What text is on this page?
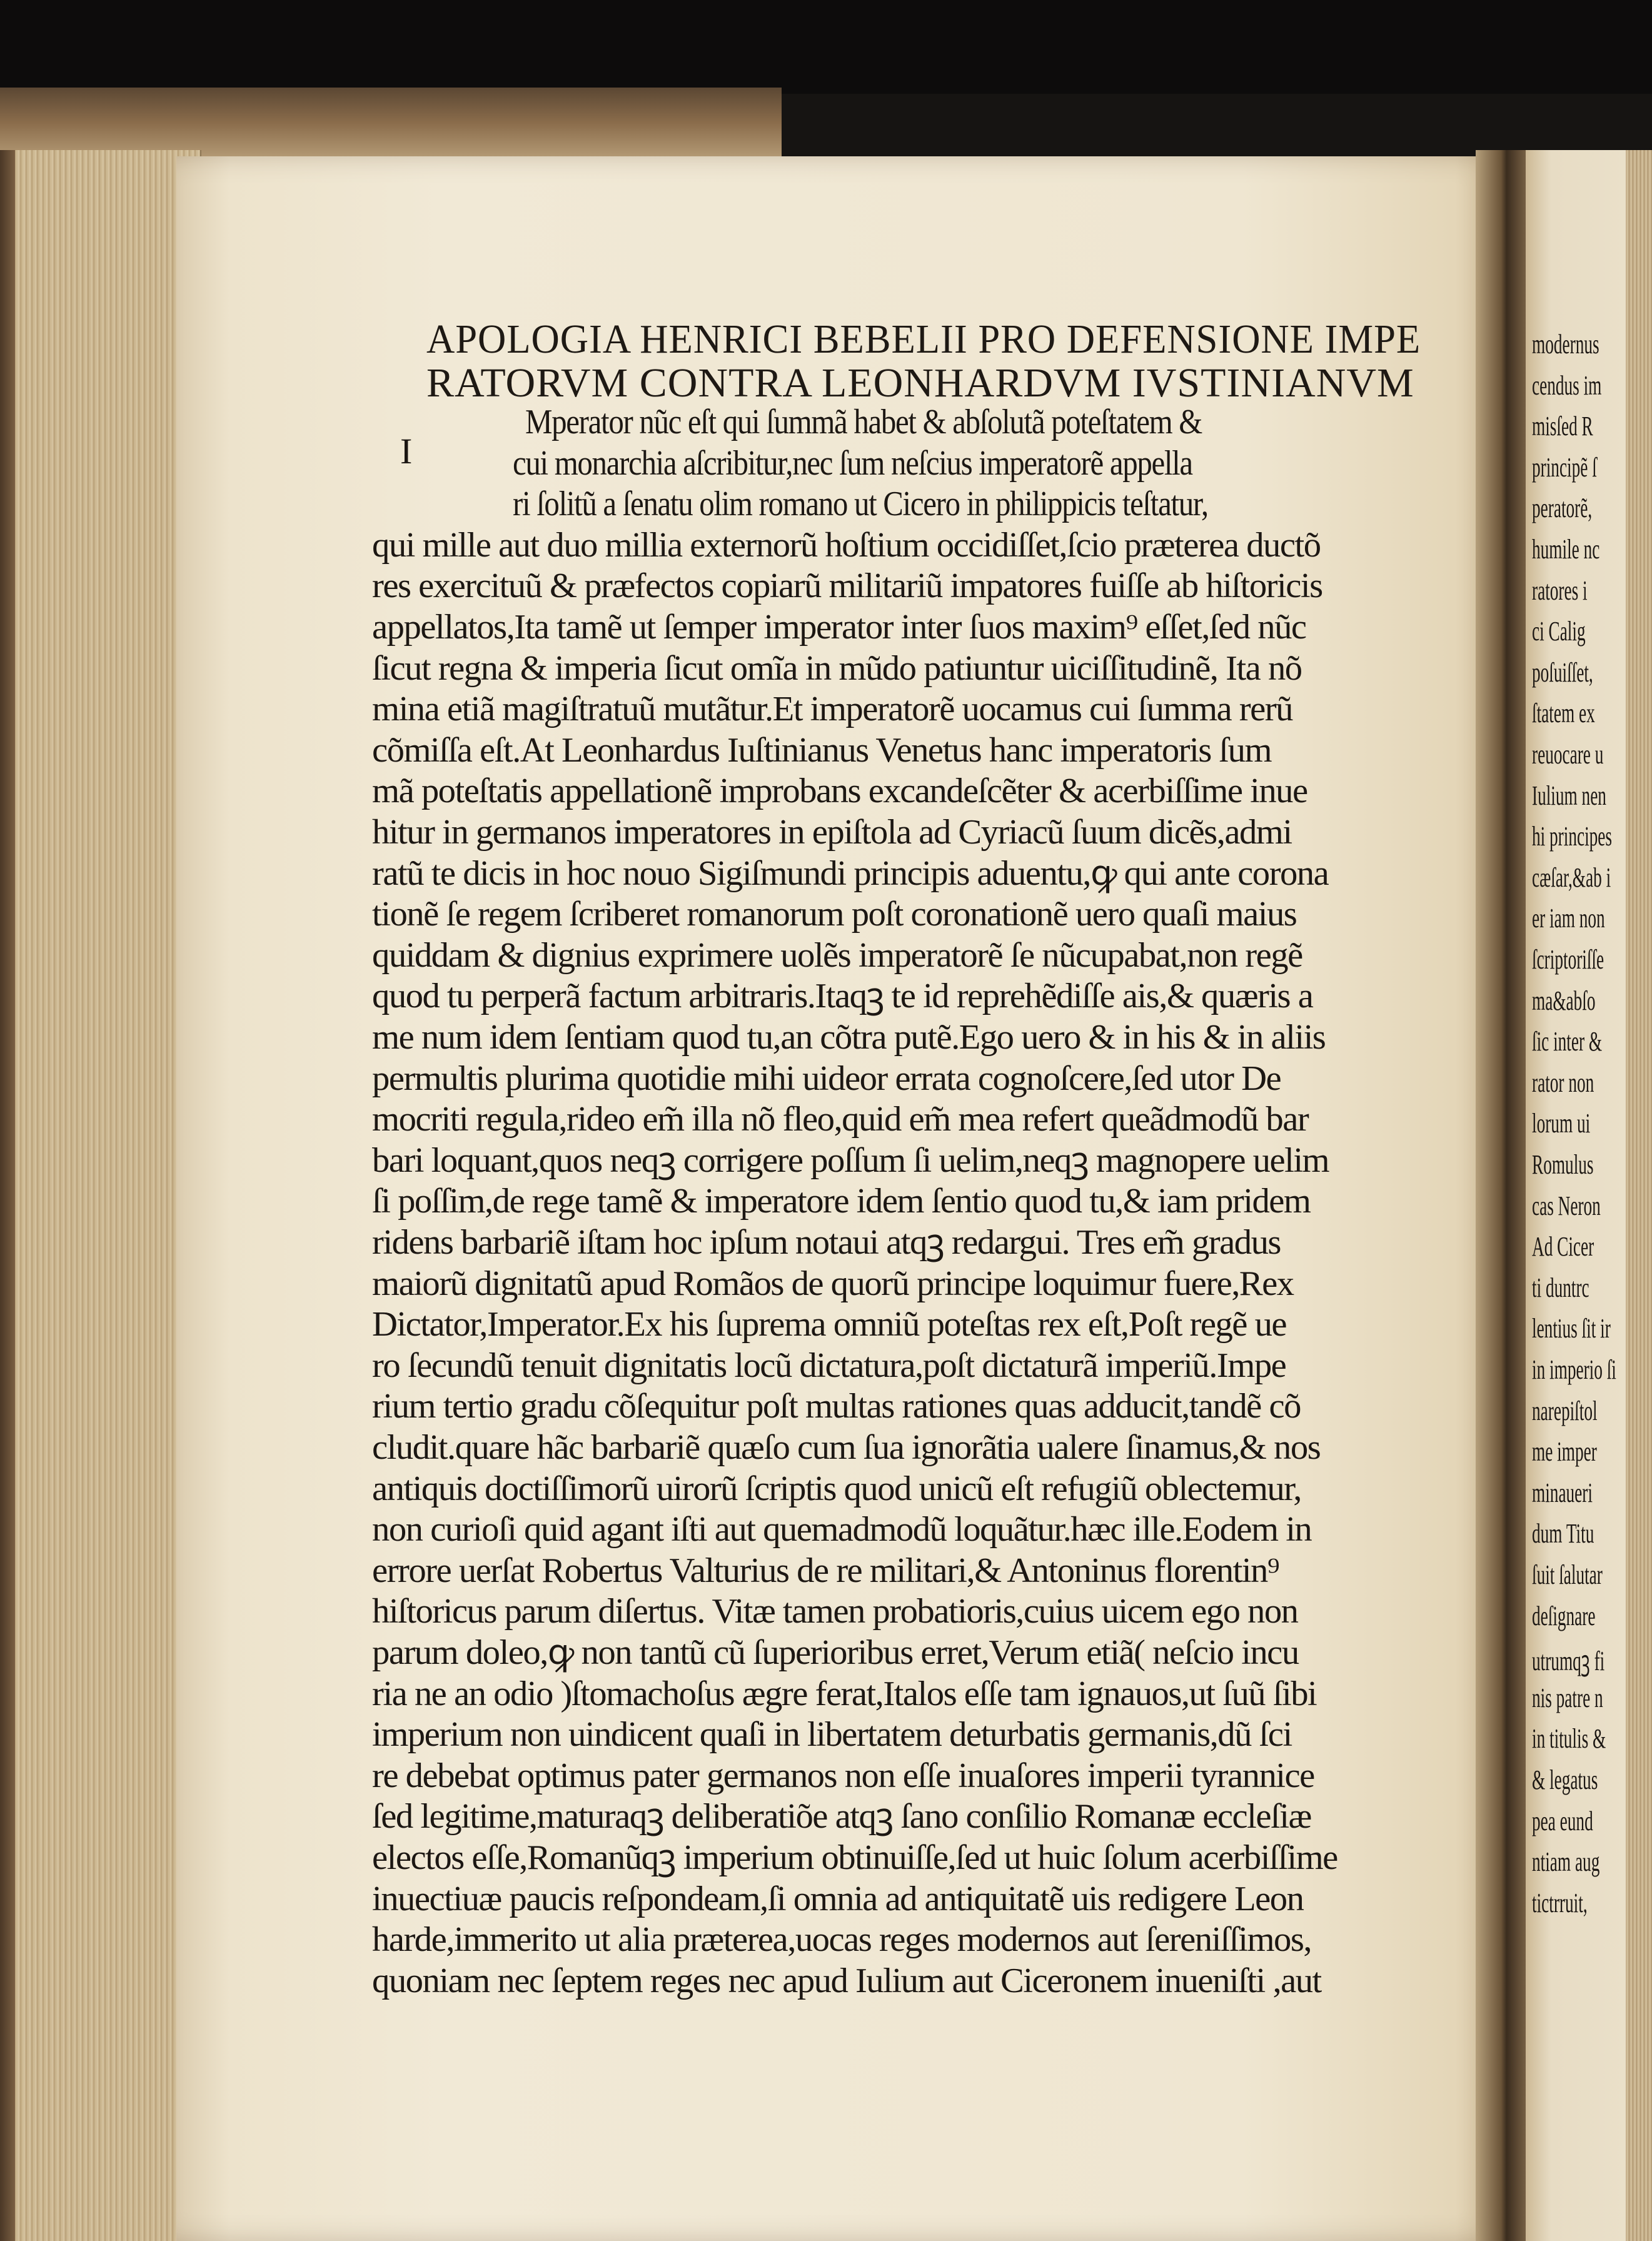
modernus
cendus im
misſed R
principẽ ſ
peratorẽ,
humile nc
ratores i
ci Calig
poſuiſſet,
ſtatem ex
reuocare u
Iulium nen
hi principes
cæſar,&ab i
er iam non
ſcriptoriſſe
ma&abſo
ſic inter &
rator non
lorum ui
Romulus
cas Neron
Ad Cicer
ti duntrc
lentius ſit ir
in imperio ſi
narepiſtol
me imper
minaueri
dum Titu
ſuit ſalutar
deſignare
utrumqꝫ fi
nis patre n
in titulis &
& legatus
pea eund
ntiam aug
tictrruit,
APOLOGIA HENRICI BEBELII PRO DEFENSIONE IMPE
RATORVM CONTRA LEONHARDVM IVSTINIANVM
I
Mperator nũc eſt qui ſummã habet & abſolutã poteſtatem &
cui monarchia aſcribitur,nec ſum neſcius imperatorẽ appella
ri ſolitũ a ſenatu olim romano ut Cicero in philippicis teſtatur,
qui mille aut duo millia externorũ hoſtium occidiſſet,ſcio præterea ductõ
res exercituũ & præfectos copiarũ militariũ impatores fuiſſe ab hiſtoricis
appellatos,Ita tamẽ ut ſemper imperator inter ſuos maxim⁹ eſſet,ſed nũc
ſicut regna & imperia ſicut omĩa in mũdo patiuntur uiciſſitudinẽ, Ita nõ
mina etiã magiſtratuũ mutãtur.Et imperatorẽ uocamus cui ſumma rerũ
cõmiſſa eſt.At Leonhardus Iuſtinianus Venetus hanc imperatoris ſum
mã poteſtatis appellationẽ improbans excandeſcẽter & acerbiſſime inue
hitur in germanos imperatores in epiſtola ad Cyriacũ ſuum dicẽs,admi
ratũ te dicis in hoc nouo Sigiſmundi principis aduentu,ꝙ qui ante corona
tionẽ ſe regem ſcriberet romanorum poſt coronationẽ uero quaſi maius
quiddam & dignius exprimere uolẽs imperatorẽ ſe nũcupabat,non regẽ
quod tu perperã factum arbitraris.Itaqꝫ te id reprehẽdiſſe ais,& quæris a
me num idem ſentiam quod tu,an cõtra putẽ.Ego uero & in his & in aliis
permultis plurima quotidie mihi uideor errata cognoſcere,ſed utor De
mocriti regula,rideo em̃ illa nõ fleo,quid em̃ mea refert queãdmodũ bar
bari loquant,quos neqꝫ corrigere poſſum ſi uelim,neqꝫ magnopere uelim
ſi poſſim,de rege tamẽ & imperatore idem ſentio quod tu,& iam pridem
ridens barbariẽ iſtam hoc ipſum notaui atqꝫ redargui. Tres em̃ gradus
maiorũ dignitatũ apud Romãos de quorũ principe loquimur fuere,Rex
Dictator,Imperator.Ex his ſuprema omniũ poteſtas rex eſt,Poſt regẽ ue
ro ſecundũ tenuit dignitatis locũ dictatura,poſt dictaturã imperiũ.Impe
rium tertio gradu cõſequitur poſt multas rationes quas adducit,tandẽ cõ
cludit.quare hãc barbariẽ quæſo cum ſua ignorãtia ualere ſinamus,& nos
antiquis doctiſſimorũ uirorũ ſcriptis quod unicũ eſt refugiũ oblectemur,
non curioſi quid agant iſti aut quemadmodũ loquãtur.hæc ille.Eodem in
errore uerſat Robertus Valturius de re militari,& Antoninus florentin⁹
hiſtoricus parum diſertus. Vitæ tamen probatioris,cuius uicem ego non
parum doleo,ꝙ non tantũ cũ ſuperioribus erret,Verum etiã( neſcio incu
ria ne an odio )ſtomachoſus ægre ferat,Italos eſſe tam ignauos,ut ſuũ ſibi
imperium non uindicent quaſi in libertatem deturbatis germanis,dũ ſci
re debebat optimus pater germanos non eſſe inuaſores imperii tyrannice
ſed legitime,maturaqꝫ deliberatiõe atqꝫ ſano conſilio Romanæ eccleſiæ
electos eſſe,Romanũqꝫ imperium obtinuiſſe,ſed ut huic ſolum acerbiſſime
inuectiuæ paucis reſpondeam,ſi omnia ad antiquitatẽ uis redigere Leon
harde,immerito ut alia præterea,uocas reges modernos aut ſereniſſimos,
quoniam nec ſeptem reges nec apud Iulium aut Ciceronem inueniſti ,aut
